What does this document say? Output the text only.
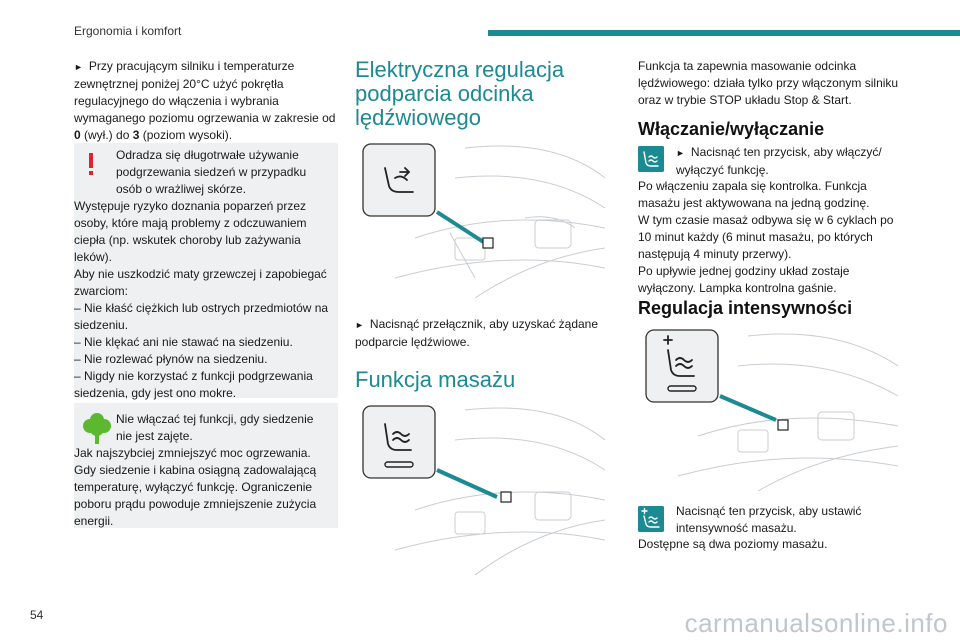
Ergonomia i komfort

► Przy pracującym silniku i temperaturze zewnętrznej poniżej 20°C użyć pokrętła regulacyjnego do włączenia i wybrania wymaganego poziomu ogrzewania w zakresie od 0 (wył.) do 3 (poziom wysoki).

Odradza się długotrwałe używanie podgrzewania siedzeń w przypadku osób o wrażliwej skórze.

Występuje ryzyko doznania poparzeń przez osoby, które mają problemy z odczuwaniem ciepła (np. wskutek choroby lub zażywania leków).

Aby nie uszkodzić maty grzewczej i zapobiegać zwarciom:

– Nie kłaść ciężkich lub ostrych przedmiotów na siedzeniu.

– Nie klękać ani nie stawać na siedzeniu.

– Nie rozlewać płynów na siedzeniu.

– Nigdy nie korzystać z funkcji podgrzewania siedzenia, gdy jest ono mokre.

Nie włączać tej funkcji, gdy siedzenie nie jest zajęte.

Jak najszybciej zmniejszyć moc ogrzewania. Gdy siedzenie i kabina osiągną zadowalającą temperaturę, wyłączyć funkcję. Ograniczenie poboru prądu powoduje zmniejszenie zużycia energii.

Elektryczna regulacja podparcia odcinka lędźwiowego

► Nacisnąć przełącznik, aby uzyskać żądane podparcie lędźwiowe.

Funkcja masażu
Funkcja ta zapewnia masowanie odcinka lędźwiowego: działa tylko przy włączonym silniku oraz w trybie STOP układu Stop & Start.
Włączanie/wyłączanie

► Nacisnąć ten przycisk, aby włączyć/ wyłączyć funkcję.

Po włączeniu zapala się kontrolka. Funkcja masażu jest aktywowana na jedną godzinę.

W tym czasie masaż odbywa się w 6 cyklach po 10 minut każdy (6 minut masażu, po których następują 4 minuty przerwy).

Po upływie jednej godziny układ zostaje wyłączony. Lampka kontrolna gaśnie.

Regulacja intensywności
Nacisnąć ten przycisk, aby ustawić intensywność masażu.
Dostępne są dwa poziomy masażu.
54	carmanualsonline.info
